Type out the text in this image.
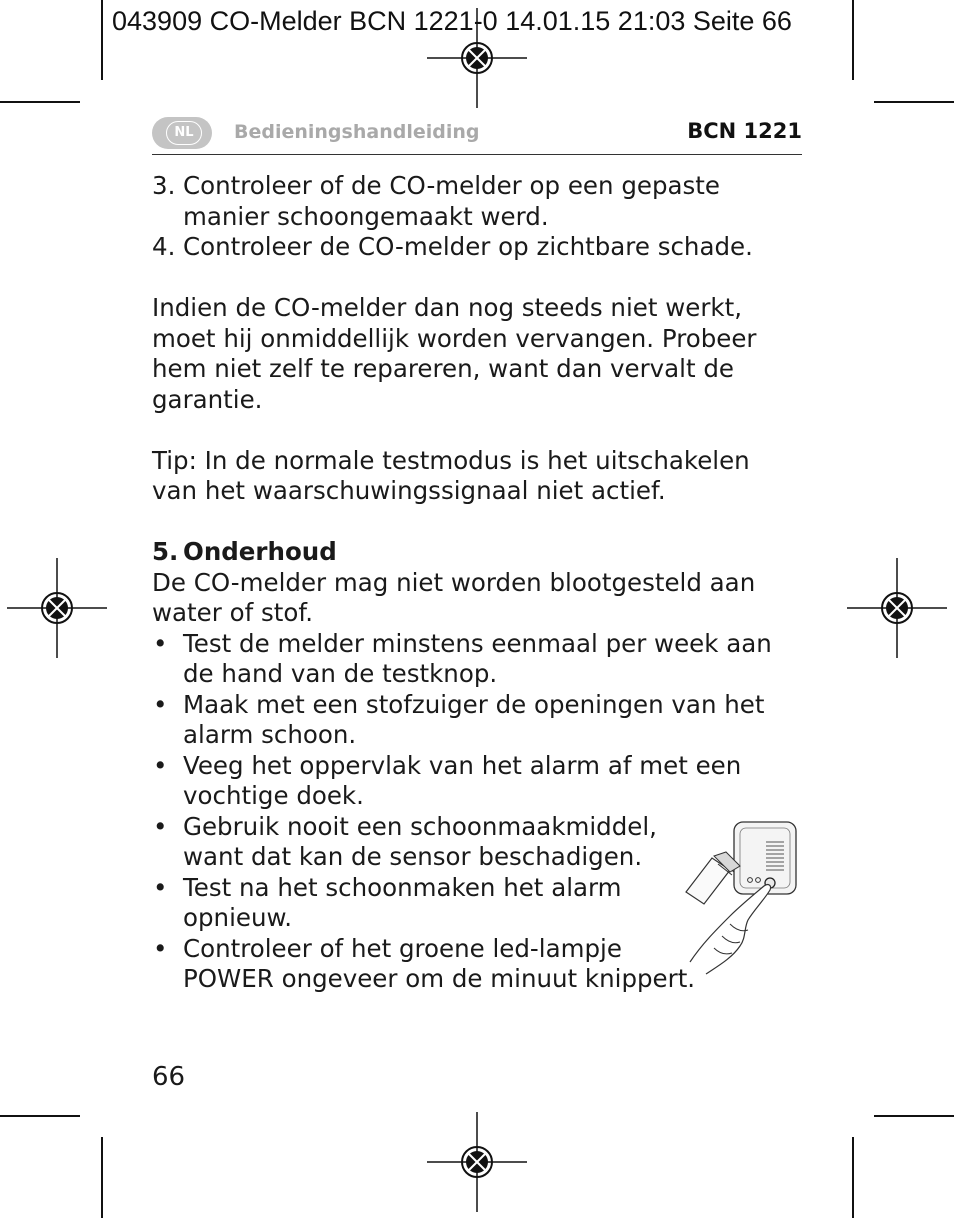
043909 CO-Melder BCN 1221-0 14.01.15 21:03 Seite 66
NL	Bedieningshandleiding	BCN 1221
3. Controleer of de CO-melder op een gepaste manier schoongemaakt werd.
4. Controleer de CO-melder op zichtbare schade.

Indien de CO-melder dan nog steeds niet werkt, moet hij onmiddellijk worden vervangen. Probeer hem niet zelf te repareren, want dan vervalt de garantie.

Tip: In de normale testmodus is het uitschakelen van het waarschuwingssignaal niet actief.

5. Onderhoud

De CO-melder mag niet worden blootgesteld aan water of stof.

• Test de melder minstens eenmaal per week aan de hand van de testknop.
• Maak met een stofzuiger de openingen van het alarm schoon.
• Veeg het oppervlak van het alarm af met een vochtige doek.
• Gebruik nooit een schoonmaakmiddel, want dat kan de sensor beschadigen.
• Test na het schoonmaken het alarm opnieuw.
• Controleer of het groene led-lampje POWER ongeveer om de minuut knippert.
66
